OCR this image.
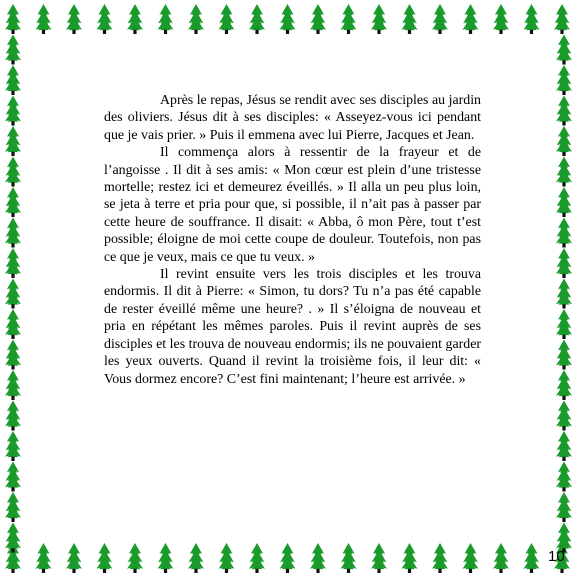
Après le repas, Jésus se rendit avec ses disciples au jardin des oliviers. Jésus dit à ses disciples: « Asseyez-vous ici pendant que je vais prier. » Puis il emmena avec lui Pierre, Jacques et Jean.

Il commença alors à ressentir de la frayeur et de l’angoisse . Il dit à ses amis: « Mon cœur est plein d’une tristesse mortelle; restez ici et demeurez éveillés. » Il alla un peu plus loin, se jeta à terre et pria pour que, si possible, il n’ait pas à passer par cette heure de souffrance. Il disait: « Abba, ô mon Père, tout t’est possible; éloigne de moi cette coupe de douleur. Toutefois, non pas ce que je veux, mais ce que tu veux. »

Il revint ensuite vers les trois disciples et les trouva endormis. Il dit à Pierre: « Simon, tu dors? Tu n’a pas été capable de rester éveillé même une heure? . » Il s’éloigna de nouveau et pria en répétant les mêmes paroles. Puis il revint auprès de ses disciples et les trouva de nouveau endormis; ils ne pouvaient garder les yeux ouverts. Quand il revint la troisième fois, il leur dit: « Vous dormez encore? C’est fini maintenant; l’heure est arrivée. »

10
